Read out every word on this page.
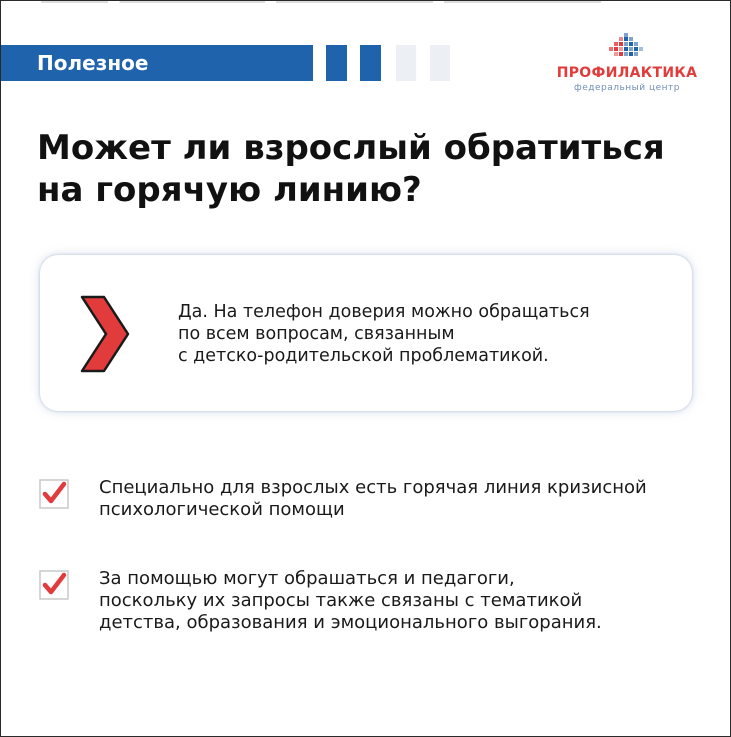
Полезное	ПРОФИЛАКТИКА
федеральный центр
Может ли взрослый обратиться
на горячую линию?
Да. На телефон доверия можно обращаться
по всем вопросам, связанным
с детско-родительской проблематикой.
Специально для взрослых есть горячая линия кризисной
психологической помощи
За помощью могут обрашаться и педагоги,
поскольку их запросы также связаны с тематикой
детства, образования и эмоционального выгорания.
